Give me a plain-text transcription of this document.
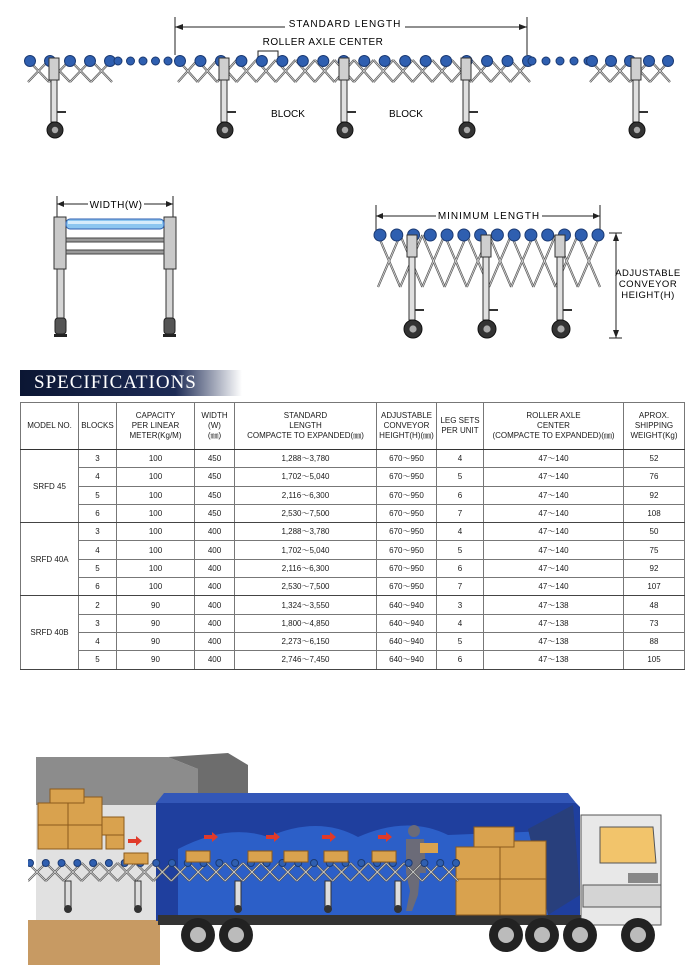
STANDARD LENGTH
ROLLER AXLE CENTER
BLOCK	BLOCK
WIDTH(W)
MINIMUM LENGTH
ADJUSTABLE
CONVEYOR
HEIGHT(H)
SPECIFICATIONS
MODEL NO.	BLOCKS	CAPACITY
PER LINEAR
METER(Kg/M)	WIDTH
(W)
(㎜)	STANDARD
LENGTH
COMPACTE TO EXPANDED(㎜)	ADJUSTABLE
CONVEYOR
HEIGHT(H)(㎜)	LEG SETS
PER UNIT	ROLLER AXLE
CENTER
(COMPACTE TO EXPANDED)(㎜)	APROX.
SHIPPING
WEIGHT(Kg)
SRFD 45	3	100	450	1,288～3,780	670～950	4	47～140	52
	4	100	450	1,702～5,040	670～950	5	47～140	76
	5	100	450	2,116～6,300	670～950	6	47～140	92
	6	100	450	2,530～7,500	670～950	7	47～140	108
SRFD 40A	3	100	400	1,288～3,780	670～950	4	47～140	50
	4	100	400	1,702～5,040	670～950	5	47～140	75
	5	100	400	2,116～6,300	670～950	6	47～140	92
	6	100	400	2,530～7,500	670～950	7	47～140	107
SRFD 40B	2	90	400	1,324～3,550	640～940	3	47～138	48
	3	90	400	1,800～4,850	640～940	4	47～138	73
	4	90	400	2,273～6,150	640～940	5	47～138	88
	5	90	400	2,746～7,450	640～940	6	47～138	105
